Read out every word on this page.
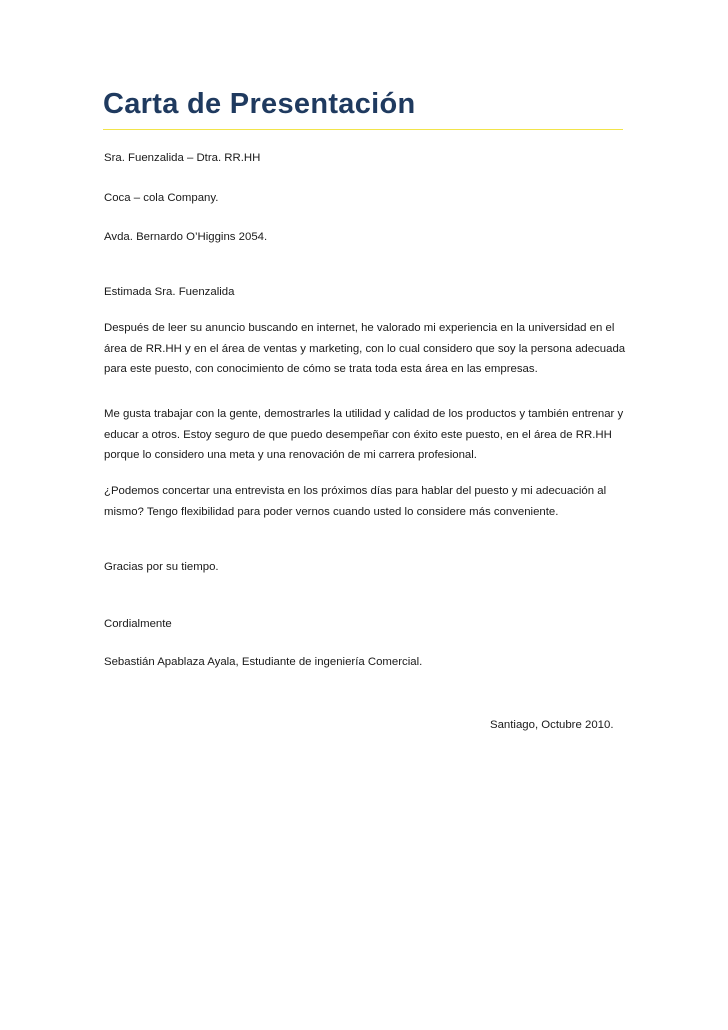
Carta de Presentación
Sra. Fuenzalida – Dtra. RR.HH
Coca – cola Company.
Avda. Bernardo O’Higgins 2054.
Estimada Sra. Fuenzalida
Después de leer su anuncio buscando en internet, he valorado mi experiencia en la universidad en el área de RR.HH y en el área de ventas y marketing, con lo cual considero que soy la persona adecuada para este puesto, con conocimiento de cómo se trata toda esta área en las empresas.
Me gusta trabajar con la gente, demostrarles la utilidad y calidad de los productos y también entrenar y educar a otros. Estoy seguro de que puedo desempeñar con éxito este puesto, en el área de RR.HH porque lo considero una meta y una renovación de mi carrera profesional.
¿Podemos concertar una entrevista en los próximos días para hablar del puesto y mi adecuación al mismo? Tengo flexibilidad para poder vernos cuando usted lo considere más conveniente.
Gracias por su tiempo.
Cordialmente
Sebastián Apablaza Ayala, Estudiante de ingeniería Comercial.
Santiago, Octubre 2010.
